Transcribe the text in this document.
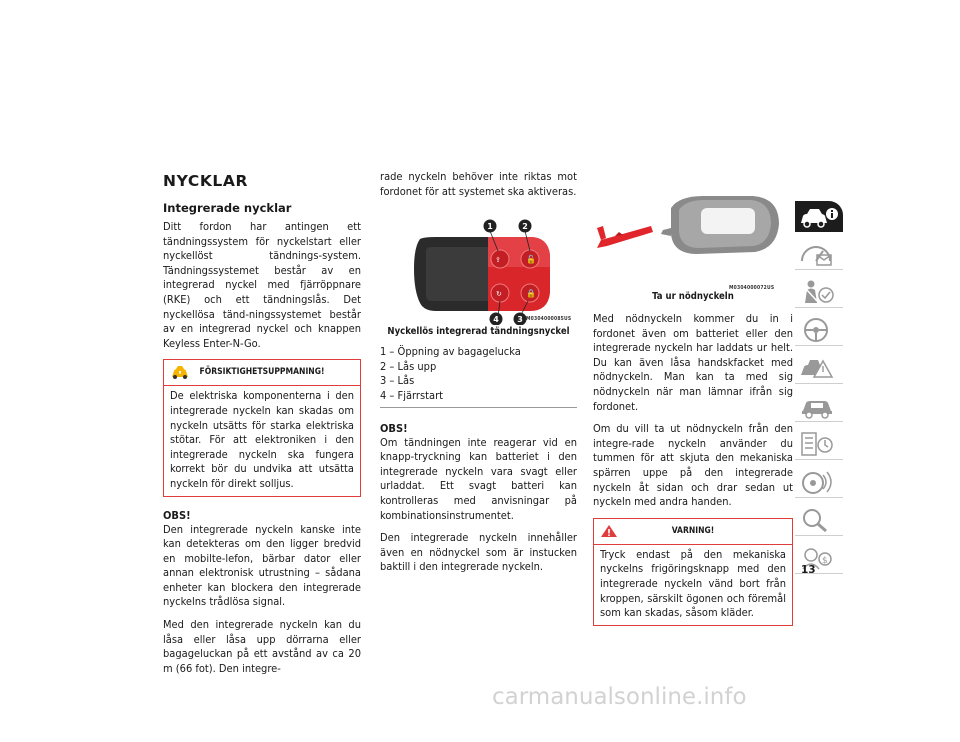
NYCKLAR
Integrerade nycklar

Ditt fordon har antingen ett tändningssystem för nyckelstart eller nyckellöst tändnings-system. Tändningssystemet består av en integrerad nyckel med fjärröppnare (RKE) och ett tändningslås. Det nyckellösa tänd-ningssystemet består av en integrerad nyckel och knappen Keyless Enter-N-Go.

FÖRSIKTIGHETSUPPMANING!
De elektriska komponenterna i den integrerade nyckeln kan skadas om nyckeln utsätts för starka elektriska stötar. För att elektroniken i den integrerade nyckeln ska fungera korrekt bör du undvika att utsätta nyckeln för direkt solljus.

OBS!
Den integrerade nyckeln kanske inte kan detekteras om den ligger bredvid en mobilte-lefon, bärbar dator eller annan elektronisk utrustning – sådana enheter kan blockera den integrerade nyckelns trådlösa signal.

Med den integrerade nyckeln kan du låsa eller låsa upp dörrarna eller bagageluckan på ett avstånd av ca 20 m (66 fot). Den integre-

rade nyckeln behöver inte riktas mot fordonet för att systemet ska aktiveras.

⇪	🔓
↻	🔒
1	2
3
4	M0304000085US
Nyckellös integrerad tändningsnyckel
1 – Öppning av bagagelucka
2 – Lås upp
3 – Lås
4 – Fjärrstart

OBS!
Om tändningen inte reagerar vid en knapp-tryckning kan batteriet i den integrerade nyckeln vara svagt eller urladdat. Ett svagt batteri kan kontrolleras med anvisningar på kombinationsinstrumentet.

Den integrerade nyckeln innehåller även en nödnyckel som är instucken baktill i den integrerade nyckeln.

M0304000072US
Ta ur nödnyckeln

Med nödnyckeln kommer du in i fordonet även om batteriet eller den integrerade nyckeln har laddats ur helt. Du kan även låsa handskfacket med nödnyckeln. Man kan ta med sig nödnyckeln när man lämnar ifrån sig fordonet.

Om du vill ta ut nödnyckeln från den integre-rade nyckeln använder du tummen för att skjuta den mekaniska spärren uppe på den integrerade nyckeln åt sidan och drar sedan ut nyckeln med andra handen.

VARNING!
Tryck endast på den mekaniska nyckelns frigöringsknapp med den integrerade nyckeln vänd bort från kroppen, särskilt ögonen och föremål som kan skadas, såsom kläder.
$
13
carmanualsonline.info
